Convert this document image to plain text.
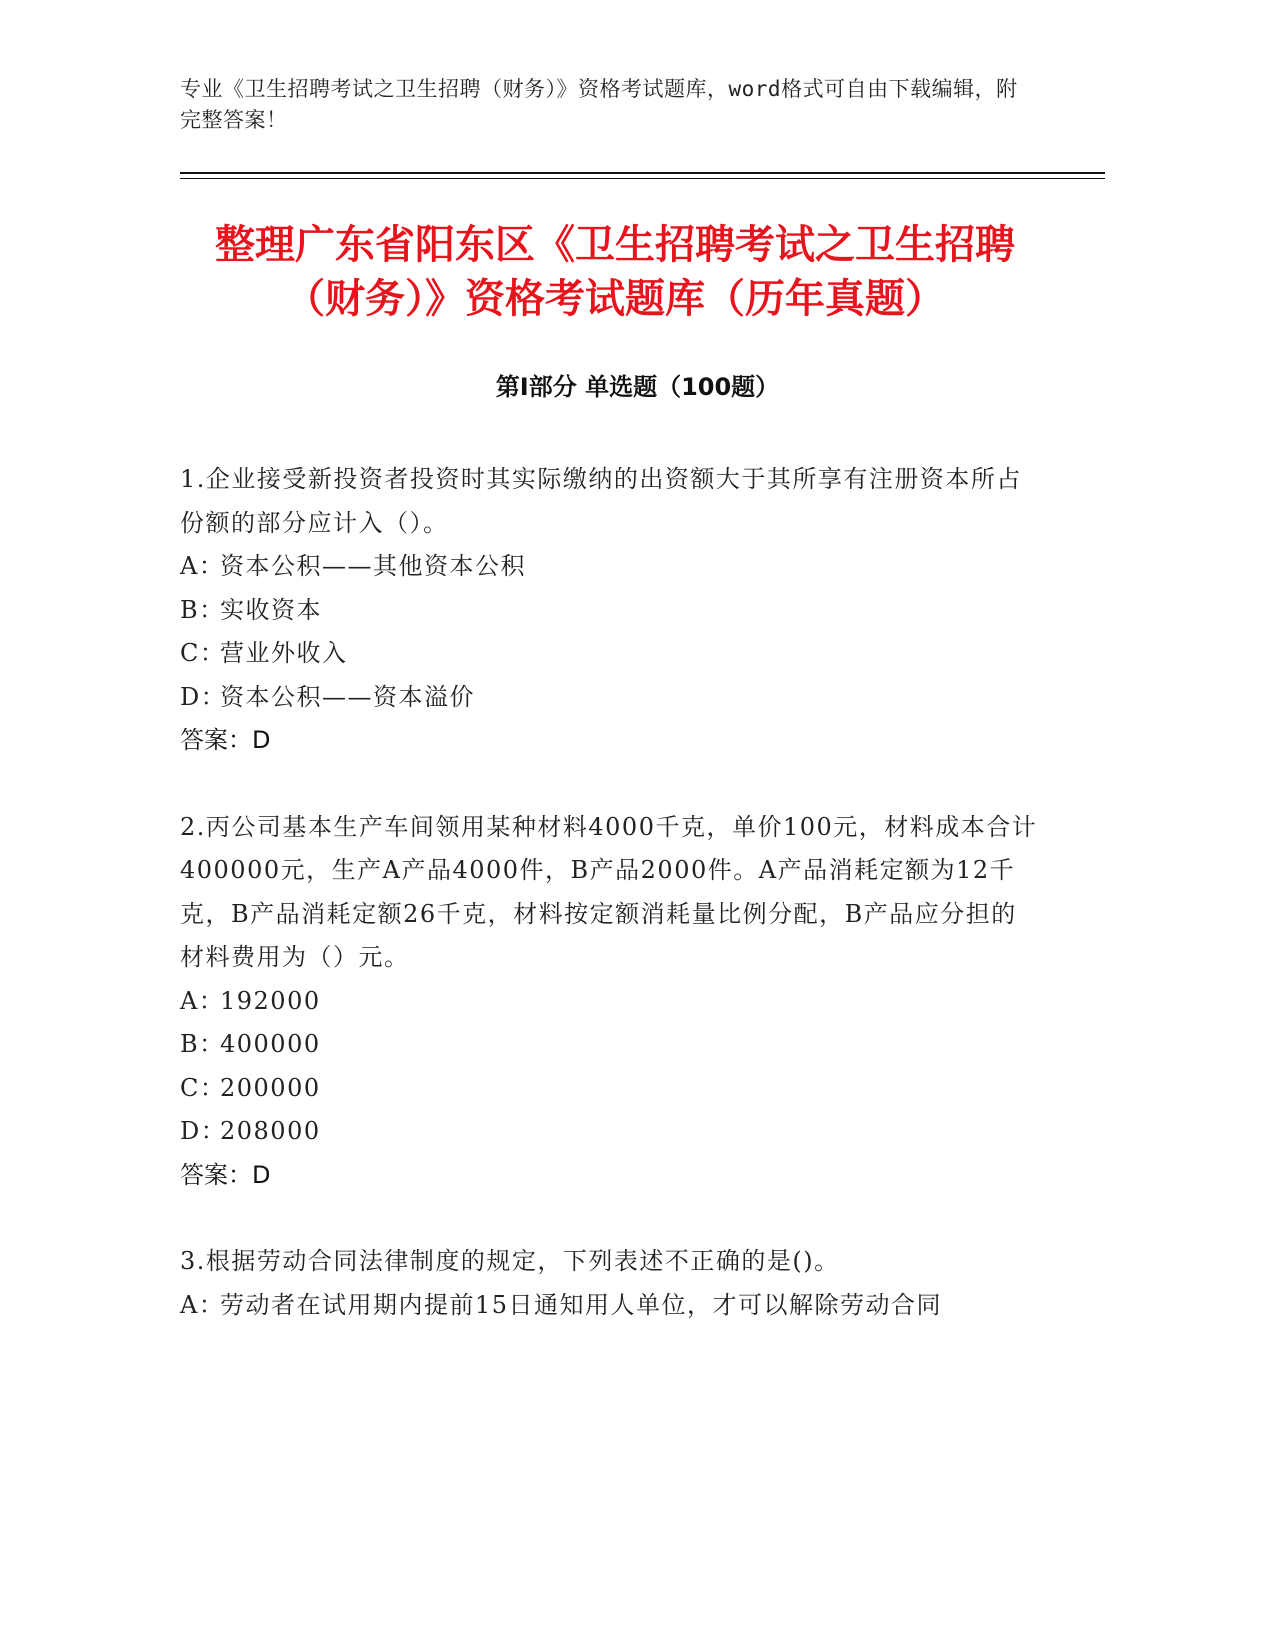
专业《卫生招聘考试之卫生招聘（财务）》资格考试题库，word格式可自由下载编辑，附完整答案！
整理广东省阳东区《卫生招聘考试之卫生招聘（财务）》资格考试题库（历年真题）
第I部分 单选题（100题）
1.企业接受新投资者投资时其实际缴纳的出资额大于其所享有注册资本所占份额的部分应计入（）。
A：资本公积——其他资本公积
B：实收资本
C：营业外收入
D：资本公积——资本溢价
答案：D
2.丙公司基本生产车间领用某种材料4000千克，单价100元，材料成本合计400000元，生产A产品4000件，B产品2000件。A产品消耗定额为12千克，B产品消耗定额26千克，材料按定额消耗量比例分配，B产品应分担的材料费用为（）元。
A：192000
B：400000
C：200000
D：208000
答案：D
3.根据劳动合同法律制度的规定，下列表述不正确的是()。
A：劳动者在试用期内提前15日通知用人单位，才可以解除劳动合同
